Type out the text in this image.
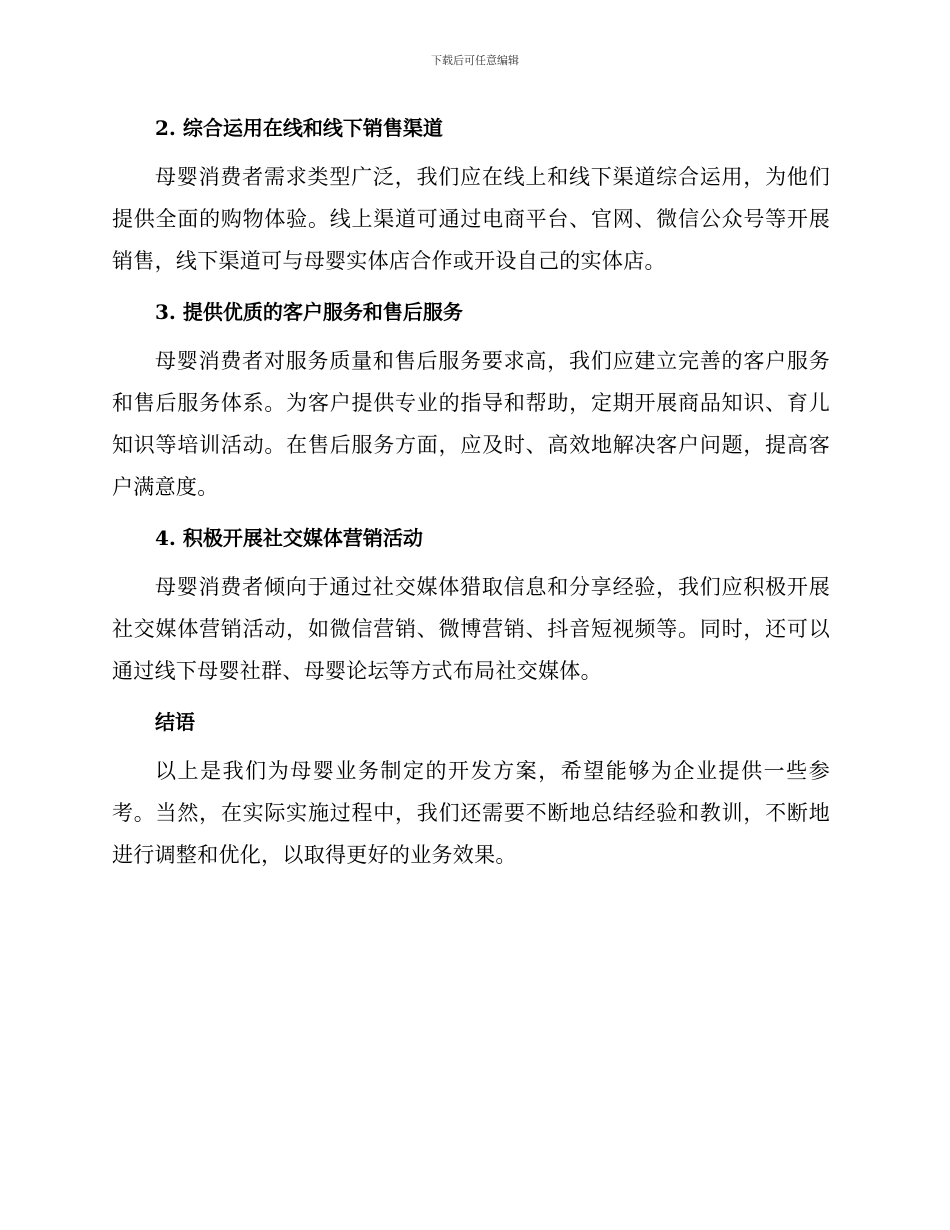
下载后可任意编辑
2. 综合运用在线和线下销售渠道

母婴消费者需求类型广泛，我们应在线上和线下渠道综合运用，为他们提供全面的购物体验。线上渠道可通过电商平台、官网、微信公众号等开展销售，线下渠道可与母婴实体店合作或开设自己的实体店。

3. 提供优质的客户服务和售后服务

母婴消费者对服务质量和售后服务要求高，我们应建立完善的客户服务和售后服务体系。为客户提供专业的指导和帮助，定期开展商品知识、育儿知识等培训活动。在售后服务方面，应及时、高效地解决客户问题，提高客户满意度。

4. 积极开展社交媒体营销活动

母婴消费者倾向于通过社交媒体猎取信息和分享经验，我们应积极开展社交媒体营销活动，如微信营销、微博营销、抖音短视频等。同时，还可以通过线下母婴社群、母婴论坛等方式布局社交媒体。

结语

以上是我们为母婴业务制定的开发方案，希望能够为企业提供一些参考。当然，在实际实施过程中，我们还需要不断地总结经验和教训，不断地进行调整和优化，以取得更好的业务效果。
